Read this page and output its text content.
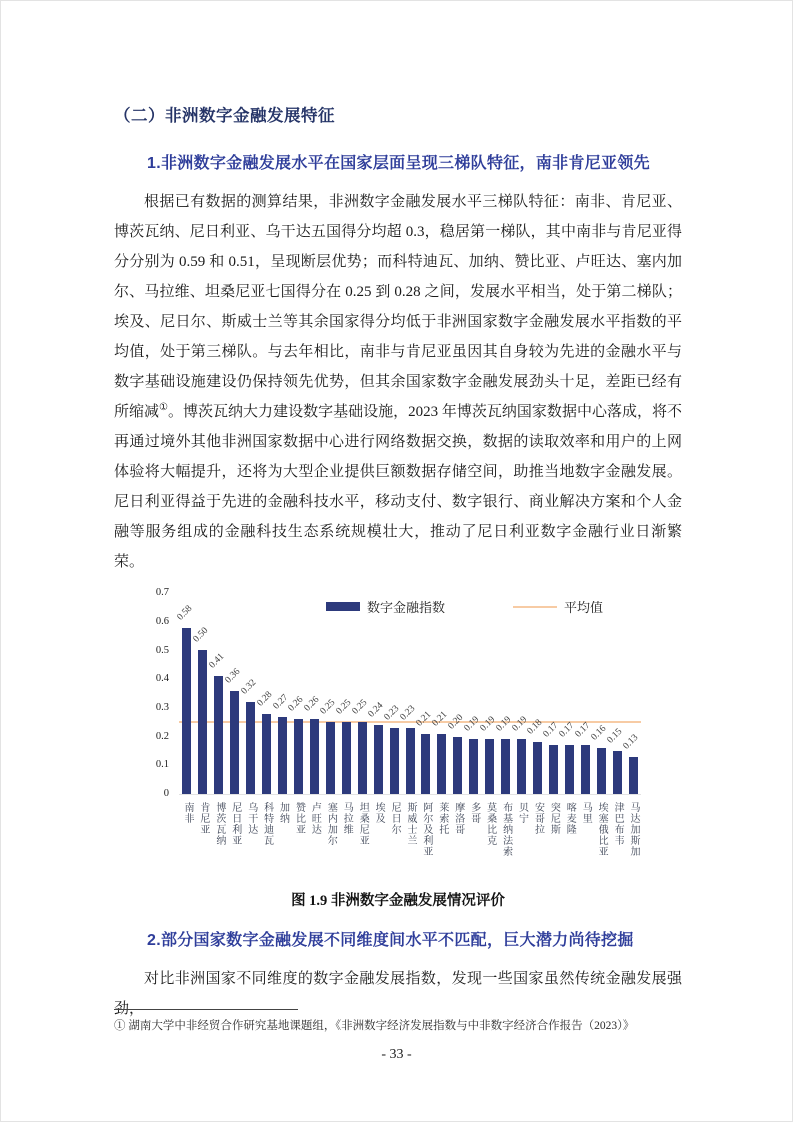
（二）非洲数字金融发展特征
1.非洲数字金融发展水平在国家层面呈现三梯队特征，南非肯尼亚领先

根据已有数据的测算结果，非洲数字金融发展水平三梯队特征：南非、肯尼亚、博茨瓦纳、尼日利亚、乌干达五国得分均超 0.3，稳居第一梯队，其中南非与肯尼亚得分分别为 0.59 和 0.51，呈现断层优势；而科特迪瓦、加纳、赞比亚、卢旺达、塞内加尔、马拉维、坦桑尼亚七国得分在 0.25 到 0.28 之间，发展水平相当，处于第二梯队；埃及、尼日尔、斯威士兰等其余国家得分均低于非洲国家数字金融发展水平指数的平均值，处于第三梯队。与去年相比，南非与肯尼亚虽因其自身较为先进的金融水平与数字基础设施建设仍保持领先优势，但其余国家数字金融发展劲头十足，差距已经有所缩减①。博茨瓦纳大力建设数字基础设施，2023 年博茨瓦纳国家数据中心落成，将不再通过境外其他非洲国家数据中心进行网络数据交换，数据的读取效率和用户的上网体验将大幅提升，还将为大型企业提供巨额数据存储空间，助推当地数字金融发展。尼日利亚得益于先进的金融科技水平，移动支付、数字银行、商业解决方案和个人金融等服务组成的金融科技生态系统规模壮大，推动了尼日利亚数字金融行业日渐繁荣。

0
0.1
0.2
0.3
0.4
0.5
0.6
0.7
0.58
南非
0.50
肯尼亚
0.41
博茨瓦纳
0.36
尼日利亚
0.32
乌干达
0.28
科特迪瓦
0.27
加纳
0.26
赞比亚
0.26
卢旺达
0.25
塞内加尔
0.25
马拉维
0.25
坦桑尼亚
0.24
埃及
0.23
尼日尔
0.23
斯威士兰
0.21
阿尔及利亚
0.21
莱索托
0.20
摩洛哥
0.19
多哥
0.19
莫桑比克
0.19
布基纳法索
0.19
贝宁
0.18
安哥拉
0.17
突尼斯
0.17
喀麦隆
0.17
马里
0.16
埃塞俄比亚
0.15
津巴布韦
0.13
马达加斯加
数字金融指数	平均值

图 1.9 非洲数字金融发展情况评价

2.部分国家数字金融发展不同维度间水平不匹配，巨大潜力尚待挖掘

对比非洲国家不同维度的数字金融发展指数，发现一些国家虽然传统金融发展强劲，

① 湖南大学中非经贸合作研究基地课题组，《非洲数字经济发展指数与中非数字经济合作报告（2023）》

- 33 -
